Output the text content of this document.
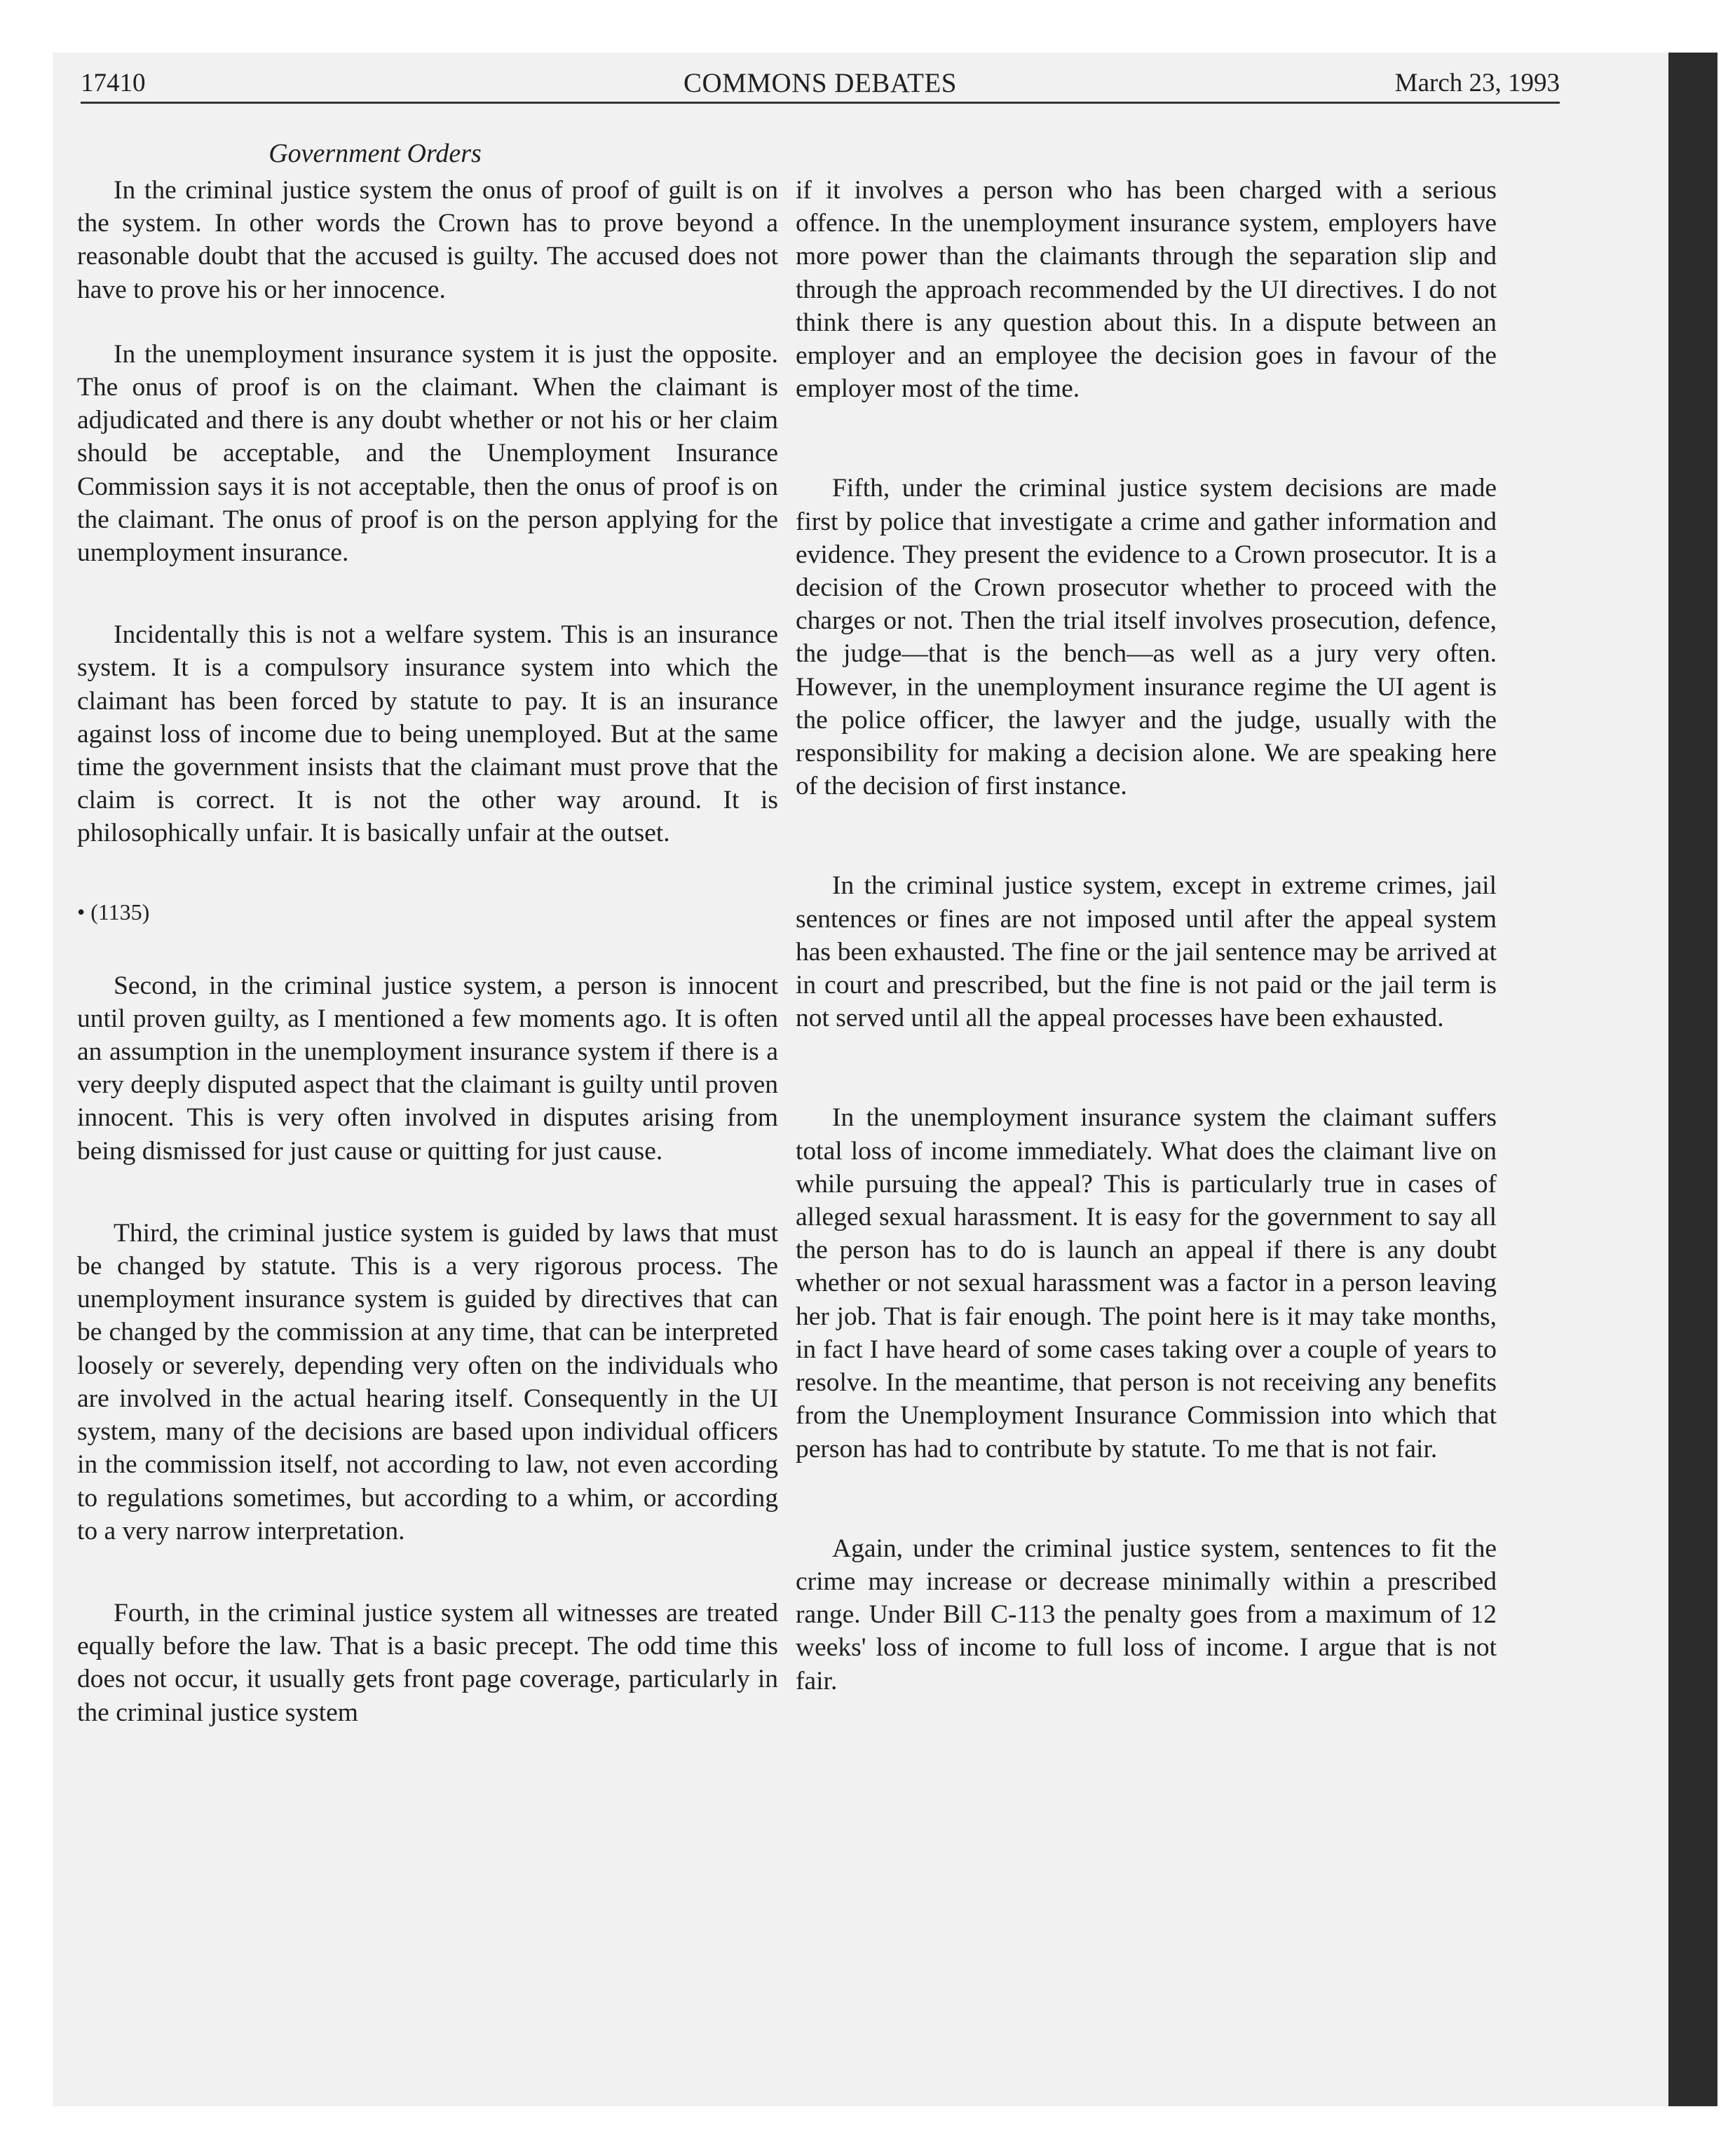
17410	COMMONS DEBATES	March 23, 1993
Government Orders

In the criminal justice system the onus of proof of guilt is on the system. In other words the Crown has to prove beyond a reasonable doubt that the accused is guilty. The accused does not have to prove his or her innocence.

In the unemployment insurance system it is just the opposite. The onus of proof is on the claimant. When the claimant is adjudicated and there is any doubt whether or not his or her claim should be acceptable, and the Unemployment Insurance Commission says it is not acceptable, then the onus of proof is on the claimant. The onus of proof is on the person applying for the unemployment insurance.

Incidentally this is not a welfare system. This is an insurance system. It is a compulsory insurance system into which the claimant has been forced by statute to pay. It is an insurance against loss of income due to being unemployed. But at the same time the government insists that the claimant must prove that the claim is correct. It is not the other way around. It is philosophically unfair. It is basically unfair at the outset.

• (1135)

Second, in the criminal justice system, a person is innocent until proven guilty, as I mentioned a few moments ago. It is often an assumption in the unemployment insurance system if there is a very deeply disputed aspect that the claimant is guilty until proven innocent. This is very often involved in disputes arising from being dismissed for just cause or quitting for just cause.

Third, the criminal justice system is guided by laws that must be changed by statute. This is a very rigorous process. The unemployment insurance system is guided by directives that can be changed by the commission at any time, that can be interpreted loosely or severely, depending very often on the individuals who are involved in the actual hearing itself. Consequently in the UI system, many of the decisions are based upon individual officers in the commission itself, not according to law, not even according to regulations sometimes, but according to a whim, or according to a very narrow interpretation.

Fourth, in the criminal justice system all witnesses are treated equally before the law. That is a basic precept. The odd time this does not occur, it usually gets front page coverage, particularly in the criminal justice system

if it involves a person who has been charged with a serious offence. In the unemployment insurance system, employers have more power than the claimants through the separation slip and through the approach recommended by the UI directives. I do not think there is any question about this. In a dispute between an employer and an employee the decision goes in favour of the employer most of the time.

Fifth, under the criminal justice system decisions are made first by police that investigate a crime and gather information and evidence. They present the evidence to a Crown prosecutor. It is a decision of the Crown prosecutor whether to proceed with the charges or not. Then the trial itself involves prosecution, defence, the judge—that is the bench—as well as a jury very often. However, in the unemployment insurance regime the UI agent is the police officer, the lawyer and the judge, usually with the responsibility for making a decision alone. We are speaking here of the decision of first instance.

In the criminal justice system, except in extreme crimes, jail sentences or fines are not imposed until after the appeal system has been exhausted. The fine or the jail sentence may be arrived at in court and prescribed, but the fine is not paid or the jail term is not served until all the appeal processes have been exhausted.

In the unemployment insurance system the claimant suffers total loss of income immediately. What does the claimant live on while pursuing the appeal? This is particularly true in cases of alleged sexual harassment. It is easy for the government to say all the person has to do is launch an appeal if there is any doubt whether or not sexual harassment was a factor in a person leaving her job. That is fair enough. The point here is it may take months, in fact I have heard of some cases taking over a couple of years to resolve. In the meantime, that person is not receiving any benefits from the Unemployment Insurance Commission into which that person has had to contribute by statute. To me that is not fair.

Again, under the criminal justice system, sentences to fit the crime may increase or decrease minimally within a prescribed range. Under Bill C-113 the penalty goes from a maximum of 12 weeks' loss of income to full loss of income. I argue that is not fair.
